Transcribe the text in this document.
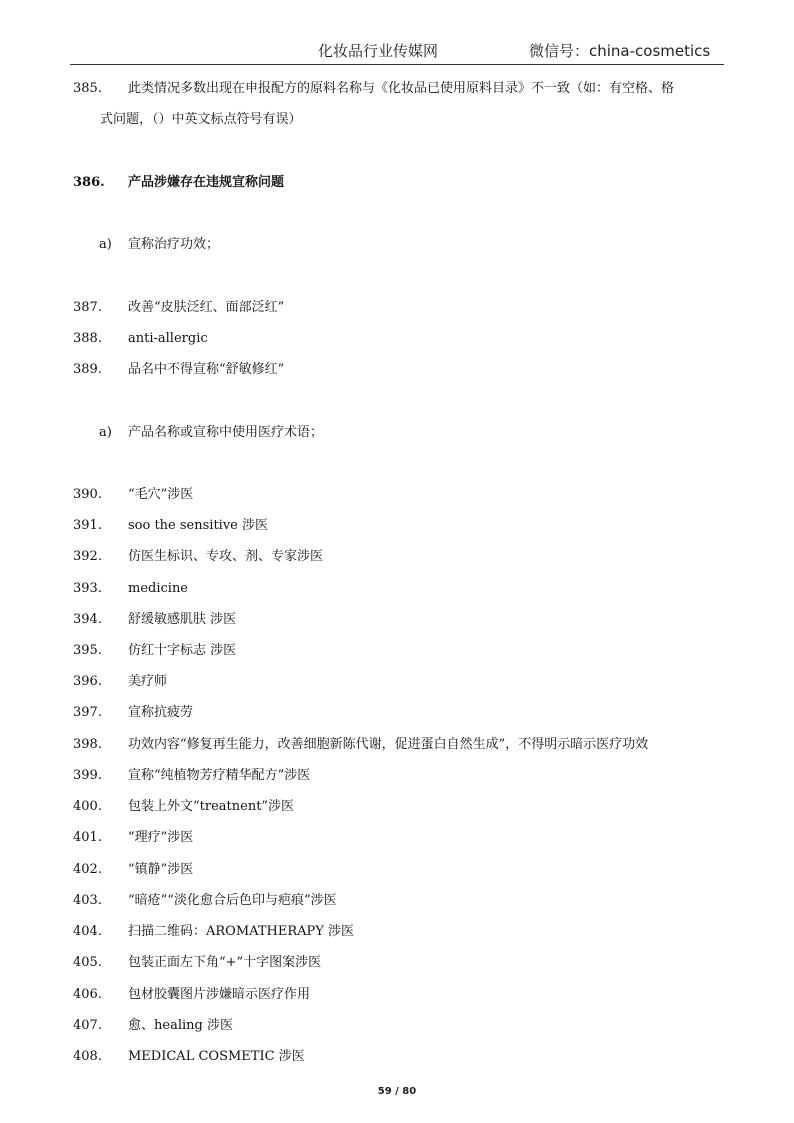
化妆品行业传媒网	微信号：china-cosmetics
385.	此类情况多数出现在申报配方的原料名称与《化妆品已使用原料目录》不一致（如：有空格、格
式问题，（）中英文标点符号有误）
386.	产品涉嫌存在违规宣称问题
a) 宣称治疗功效；
387.	改善“皮肤泛红、面部泛红”
388.	anti-allergic
389.	品名中不得宣称“舒敏修红”
a) 产品名称或宣称中使用医疗术语；
390.	“毛穴”涉医
391.	soo the sensitive 涉医
392.	仿医生标识、专攻、剂、专家涉医
393.	medicine
394.	舒缓敏感肌肤 涉医
395.	仿红十字标志 涉医
396.	美疗师
397.	宣称抗疲劳
398.	功效内容“修复再生能力，改善细胞新陈代谢，促进蛋白自然生成”，不得明示暗示医疗功效
399.	宣称“纯植物芳疗精华配方”涉医
400.	包装上外文“treatnent”涉医
401.	“理疗”涉医
402.	“镇静”涉医
403.	“暗疮”“淡化愈合后色印与疤痕”涉医
404.	扫描二维码：AROMATHERAPY 涉医
405.	包装正面左下角“+”十字图案涉医
406.	包材胶囊图片涉嫌暗示医疗作用
407.	愈、healing 涉医
408.	MEDICAL COSMETIC 涉医
59 / 80
